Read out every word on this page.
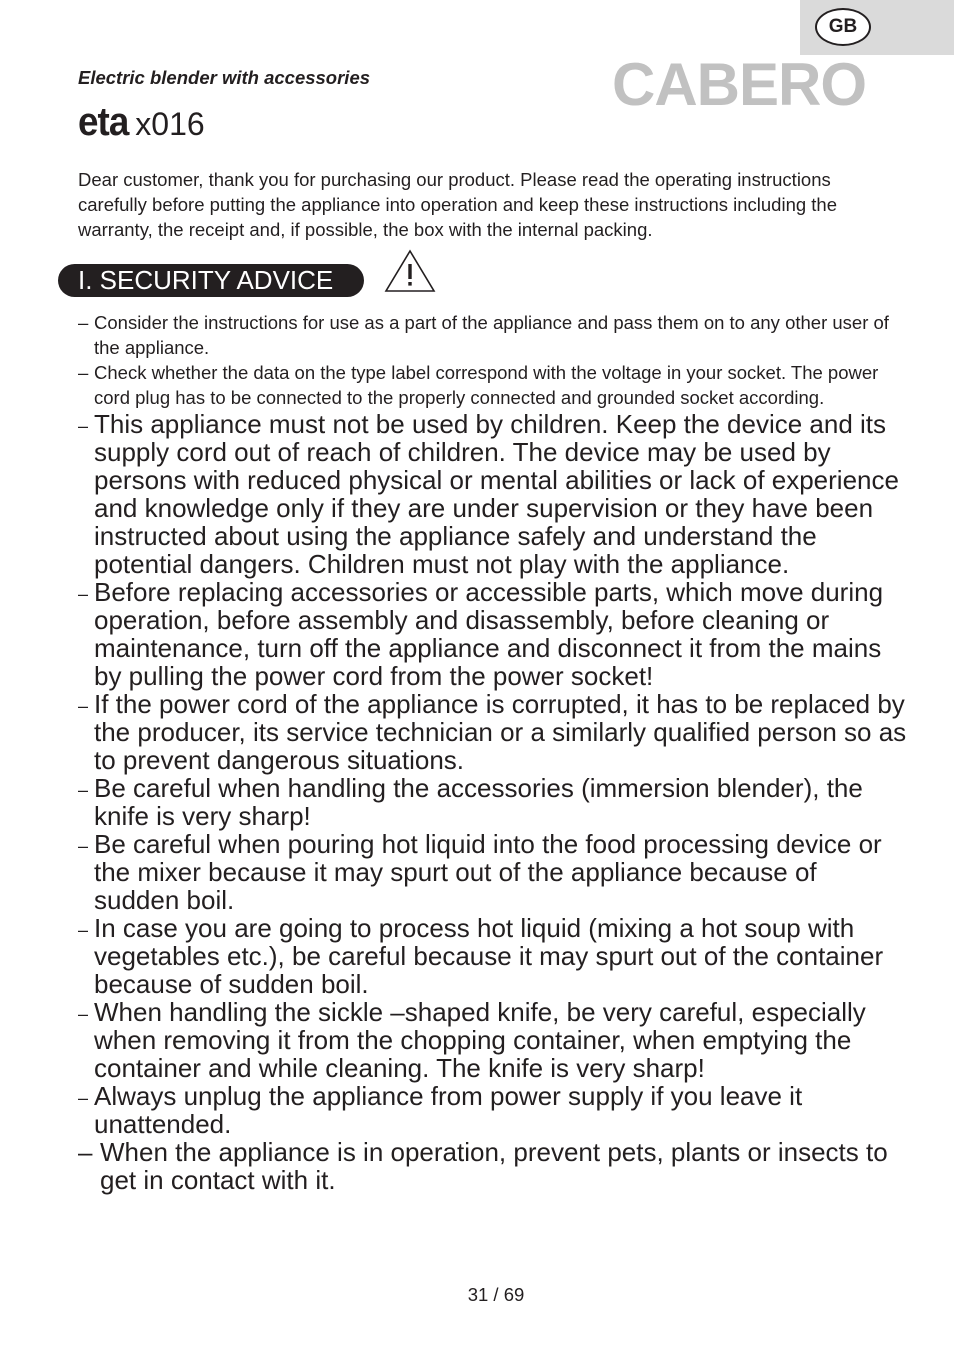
GB
Electric blender with accessories	CABERO
eta x016
Dear customer, thank you for purchasing our product. Please read the operating instructions carefully before putting the appliance into operation and keep these instructions including the warranty, the receipt and, if possible, the box with the internal packing.
I. SECURITY ADVICE
– Consider the instructions for use as a part of the appliance and pass them on to any other user of the appliance.
– Check whether the data on the type label correspond with the voltage in your socket. The power cord plug has to be connected to the properly connected and grounded socket according.
– This appliance must not be used by children. Keep the device and its supply cord out of reach of children. The device may be used by persons with reduced physical or mental abilities or lack of experience and knowledge only if they are under supervision or they have been instructed about using the appliance safely and understand the potential dangers. Children must not play with the appliance.
– Before replacing accessories or accessible parts, which move during operation, before assembly and disassembly, before cleaning or maintenance, turn off the appliance and disconnect it from the mains by pulling the power cord from the power socket!
– If the power cord of the appliance is corrupted, it has to be replaced by the producer, its service technician or a similarly qualified person so as to prevent dangerous situations.
– Be careful when handling the accessories (immersion blender), the knife is very sharp!
– Be careful when pouring hot liquid into the food processing device or the mixer because it may spurt out of the appliance because of sudden boil.
– In case you are going to process hot liquid (mixing a hot soup with vegetables etc.), be careful because it may spurt out of the container because of sudden boil.
– When handling the sickle –shaped knife, be very careful, especially when removing it from the chopping container, when emptying the container and while cleaning. The knife is very sharp!
– Always unplug the appliance from power supply if you leave it unattended.
– When the appliance is in operation, prevent pets, plants or insects to get in contact with it.
31 / 69
